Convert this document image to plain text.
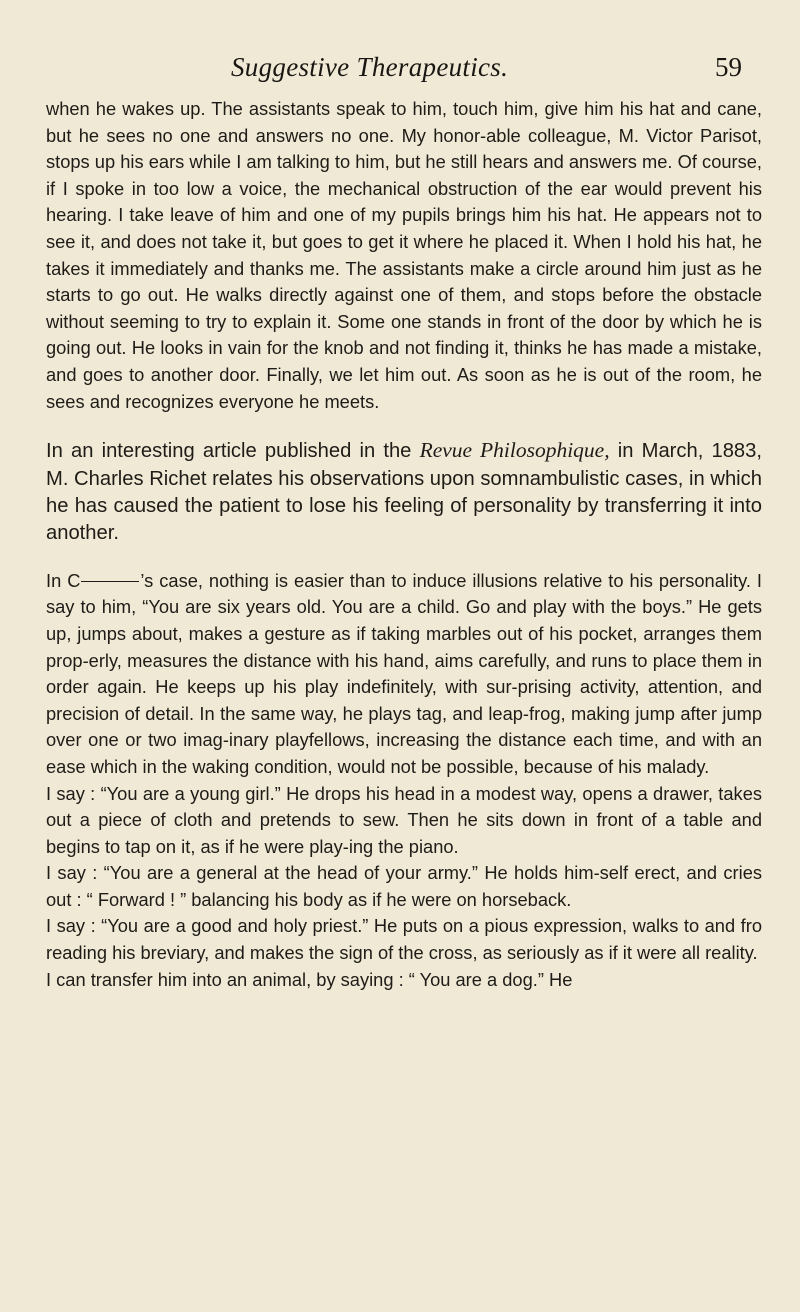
Suggestive Therapeutics.	59

when he wakes up. The assistants speak to him, touch him, give him his hat and cane, but he sees no one and answers no one. My honor-able colleague, M. Victor Parisot, stops up his ears while I am talking to him, but he still hears and answers me. Of course, if I spoke in too low a voice, the mechanical obstruction of the ear would prevent his hearing. I take leave of him and one of my pupils brings him his hat. He appears not to see it, and does not take it, but goes to get it where he placed it. When I hold his hat, he takes it immediately and thanks me. The assistants make a circle around him just as he starts to go out. He walks directly against one of them, and stops before the obstacle without seeming to try to explain it. Some one stands in front of the door by which he is going out. He looks in vain for the knob and not finding it, thinks he has made a mistake, and goes to another door. Finally, we let him out. As soon as he is out of the room, he sees and recognizes everyone he meets.

In an interesting article published in the Revue Philosophique, in March, 1883, M. Charles Richet relates his observations upon somnambulistic cases, in which he has caused the patient to lose his feeling of personality by transferring it into another.

In C	’s case, nothing is easier than to induce illusions relative to his personality. I say to him, “You are six years old. You are a child. Go and play with the boys.” He gets up, jumps about, makes a gesture as if taking marbles out of his pocket, arranges them prop-erly, measures the distance with his hand, aims carefully, and runs to place them in order again. He keeps up his play indefinitely, with sur-prising activity, attention, and precision of detail. In the same way, he plays tag, and leap-frog, making jump after jump over one or two imag-inary playfellows, increasing the distance each time, and with an ease which in the waking condition, would not be possible, because of his malady.

I say : “You are a young girl.” He drops his head in a modest way, opens a drawer, takes out a piece of cloth and pretends to sew. Then he sits down in front of a table and begins to tap on it, as if he were play-ing the piano.

I say : “You are a general at the head of your army.” He holds him-self erect, and cries out : “ Forward ! ” balancing his body as if he were on horseback.

I say : “You are a good and holy priest.” He puts on a pious expression, walks to and fro reading his breviary, and makes the sign of the cross, as seriously as if it were all reality.

I can transfer him into an animal, by saying : “ You are a dog.” He
